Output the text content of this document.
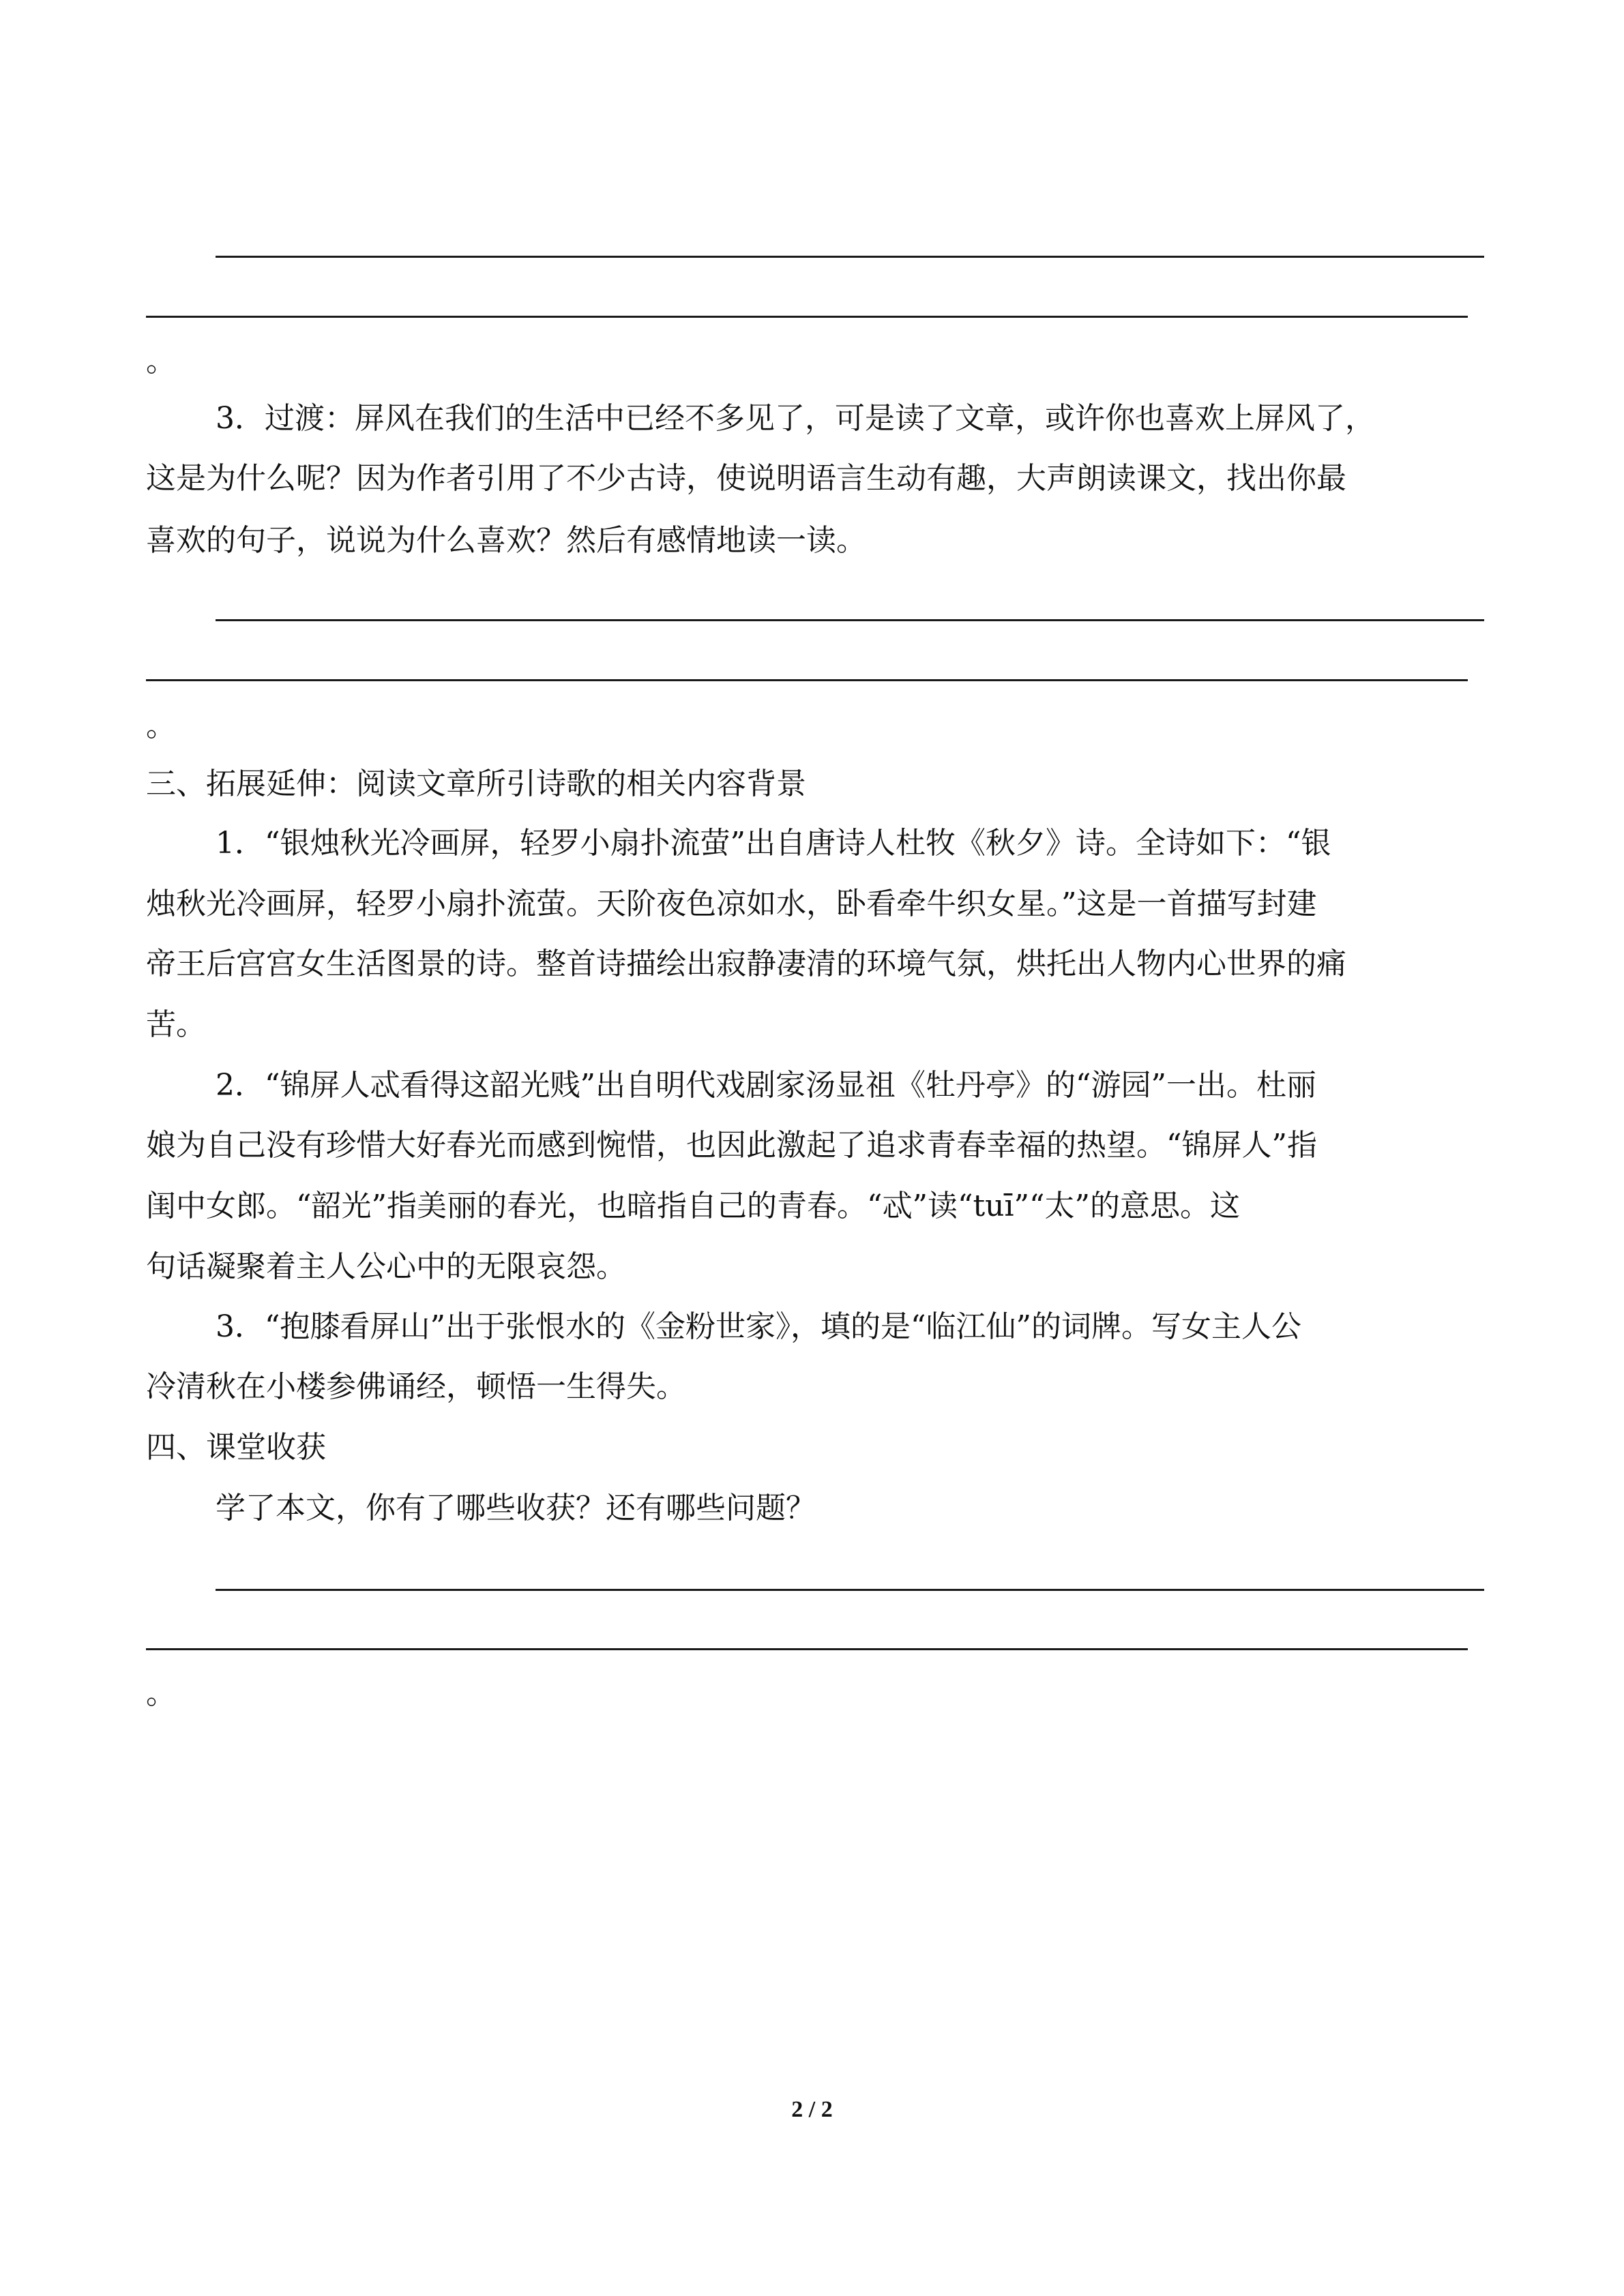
。
3．过渡：屏风在我们的生活中已经不多见了，可是读了文章，或许你也喜欢上屏风了，
这是为什么呢？因为作者引用了不少古诗，使说明语言生动有趣，大声朗读课文，找出你最
喜欢的句子，说说为什么喜欢？然后有感情地读一读。
。
三、拓展延伸：阅读文章所引诗歌的相关内容背景
1．“银烛秋光冷画屏，轻罗小扇扑流萤”出自唐诗人杜牧《秋夕》诗。全诗如下：“银
烛秋光冷画屏，轻罗小扇扑流萤。天阶夜色凉如水，卧看牵牛织女星。”这是一首描写封建
帝王后宫宫女生活图景的诗。整首诗描绘出寂静凄清的环境气氛，烘托出人物内心世界的痛
苦。
2．“锦屏人忒看得这韶光贱”出自明代戏剧家汤显祖《牡丹亭》的“游园”一出。杜丽
娘为自己没有珍惜大好春光而感到惋惜，也因此激起了追求青春幸福的热望。“锦屏人”指
闺中女郎。“韶光”指美丽的春光，也暗指自己的青春。“忒”读“tuī”“太”的意思。这
句话凝聚着主人公心中的无限哀怨。
3．“抱膝看屏山”出于张恨水的《金粉世家》，填的是“临江仙”的词牌。写女主人公
冷清秋在小楼参佛诵经，顿悟一生得失。
四、课堂收获
学了本文，你有了哪些收获？还有哪些问题？
。
2 / 2
